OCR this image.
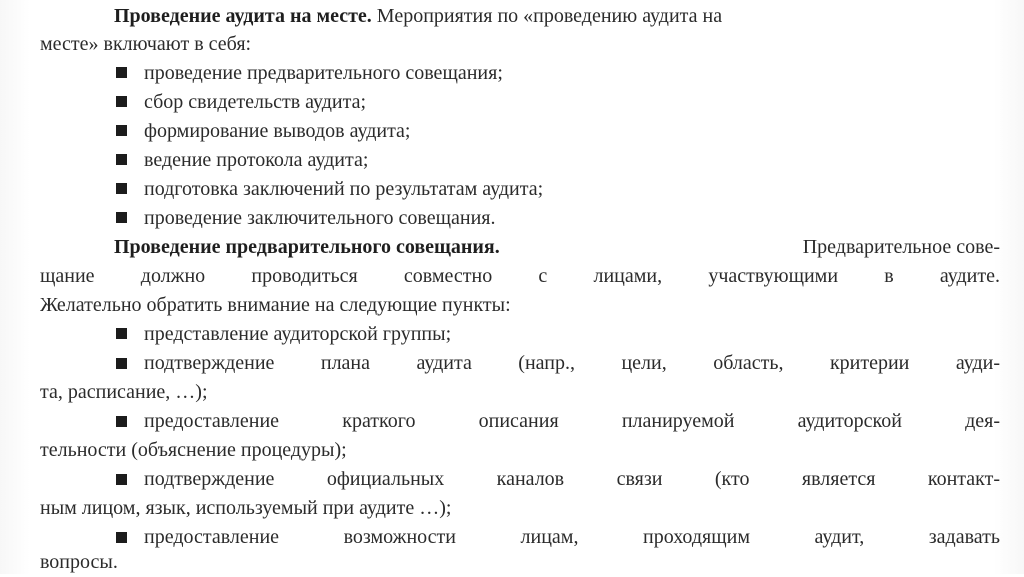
Проведение аудита на месте. Мероприятия по «проведению аудита на
месте» включают в себя:
проведение предварительного совещания;
сбор свидетельств аудита;
формирование выводов аудита;
ведение протокола аудита;
подготовка заключений по результатам аудита;
проведение заключительного совещания.
Проведение предварительного совещания.	Предварительное сове-
щание должно проводиться совместно с лицами, участвующими в аудите.
Желательно обратить внимание на следующие пункты:
представление аудиторской группы;
подтверждение плана аудита (напр., цели, область, критерии ауди-
та, расписание, …);
предоставление краткого описания планируемой аудиторской дея-
тельности (объяснение процедуры);
подтверждение официальных каналов связи (кто является контакт-
ным лицом, язык, используемый при аудите …);
предоставление возможности лицам, проходящим аудит, задавать
вопросы.
